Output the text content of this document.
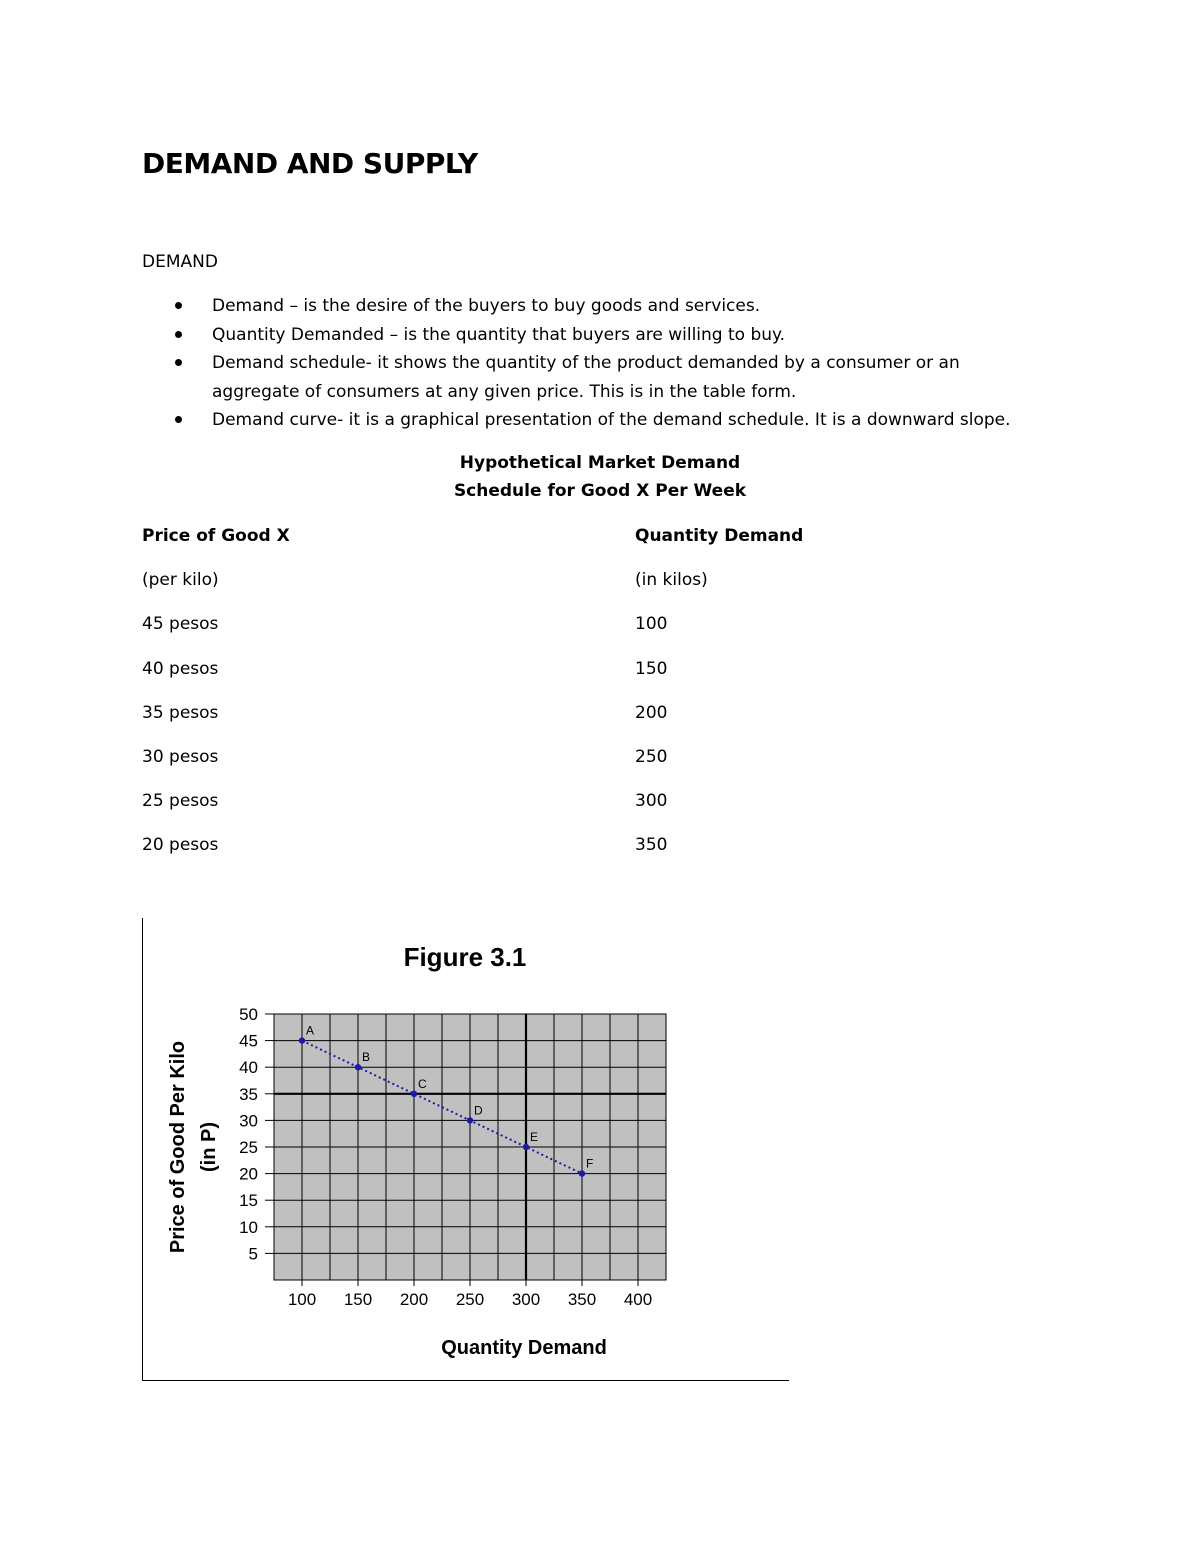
DEMAND AND SUPPLY
DEMAND
Demand – is the desire of the buyers to buy goods and services.
Quantity Demanded – is the quantity that buyers are willing to buy.
Demand schedule- it shows the quantity of the product demanded by a consumer or an aggregate of consumers at any given price. This is in the table form.
Demand curve- it is a graphical presentation of the demand schedule. It is a downward slope.
Hypothetical Market Demand
Schedule for Good X Per Week
Price of Good X	Quantity Demand
(per kilo)	(in kilos)
45 pesos	100
40 pesos	150
35 pesos	200
30 pesos	250
25 pesos	300
20 pesos	350
Figure 3.1
50
45
40
35
30
25
20
15
10
5
100 150 200 250 300 350 400
Quantity Demand
Price of Good Per Kilo (in P)
A
B
C
D
E
F
